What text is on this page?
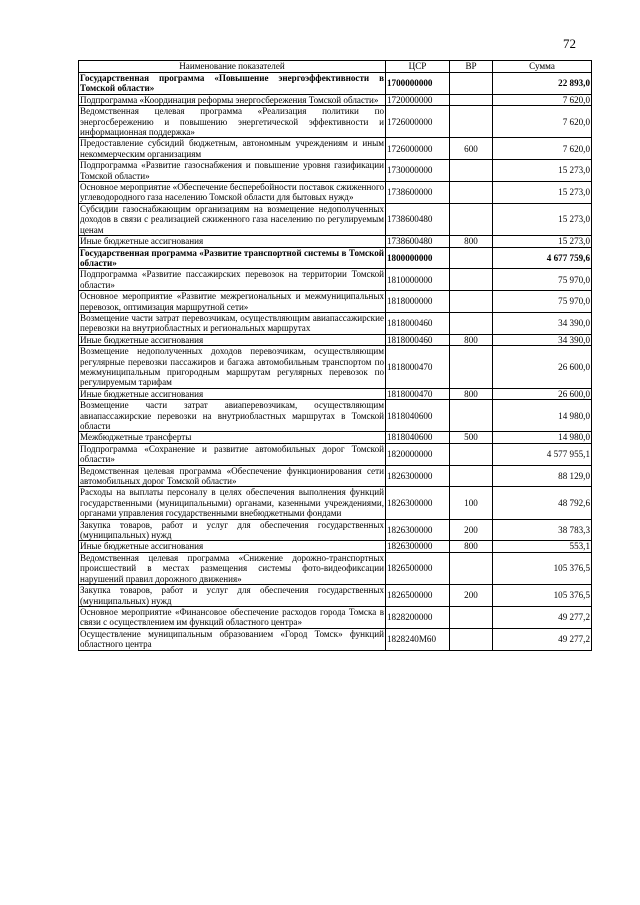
72
Наименование показателей	ЦСР	ВР	Сумма
Государственная программа «Повышение энергоэффективности в Томской области»	1700000000		22 893,0
Подпрограмма «Координация реформы энергосбережения Томской области»	1720000000		7 620,0
Ведомственная целевая программа «Реализация политики по энергосбережению и повышению энергетической эффективности и информационная поддержка»	1726000000		7 620,0
Предоставление субсидий бюджетным, автономным учреждениям и иным некоммерческим организациям	1726000000	600	7 620,0
Подпрограмма «Развитие газоснабжения и повышение уровня газификации Томской области»	1730000000		15 273,0
Основное мероприятие «Обеспечение бесперебойности поставок сжиженного углеводородного газа населению Томской области для бытовых нужд»	1738600000		15 273,0
Субсидии газоснабжающим организациям на возмещение недополученных доходов в связи с реализацией сжиженного газа населению по регулируемым ценам	1738600480		15 273,0
Иные бюджетные ассигнования	1738600480	800	15 273,0
Государственная программа «Развитие транспортной системы в Томской области»	1800000000		4 677 759,6
Подпрограмма «Развитие пассажирских перевозок на территории Томской области»	1810000000		75 970,0
Основное мероприятие «Развитие межрегиональных и межмуниципальных перевозок, оптимизация маршрутной сети»	1818000000		75 970,0
Возмещение части затрат перевозчикам, осуществляющим авиапассажирские перевозки на внутриобластных и региональных маршрутах	1818000460		34 390,0
Иные бюджетные ассигнования	1818000460	800	34 390,0
Возмещение недополученных доходов перевозчикам, осуществляющим регулярные перевозки пассажиров и багажа автомобильным транспортом по межмуниципальным пригородным маршрутам регулярных перевозок по регулируемым тарифам	1818000470		26 600,0
Иные бюджетные ассигнования	1818000470	800	26 600,0
Возмещение части затрат авиаперевозчикам, осуществляющим авиапассажирские перевозки на внутриобластных маршрутах в Томской области	1818040600		14 980,0
Межбюджетные трансферты	1818040600	500	14 980,0
Подпрограмма «Сохранение и развитие автомобильных дорог Томской области»	1820000000		4 577 955,1
Ведомственная целевая программа «Обеспечение функционирования сети автомобильных дорог Томской области»	1826300000		88 129,0
Расходы на выплаты персоналу в целях обеспечения выполнения функций государственными (муниципальными) органами, казенными учреждениями, органами управления государственными внебюджетными фондами	1826300000	100	48 792,6
Закупка товаров, работ и услуг для обеспечения государственных (муниципальных) нужд	1826300000	200	38 783,3
Иные бюджетные ассигнования	1826300000	800	553,1
Ведомственная целевая программа «Снижение дорожно-транспортных происшествий в местах размещения системы фото-видеофиксации нарушений правил дорожного движения»	1826500000		105 376,5
Закупка товаров, работ и услуг для обеспечения государственных (муниципальных) нужд	1826500000	200	105 376,5
Основное мероприятие «Финансовое обеспечение расходов города Томска в связи с осуществлением им функций областного центра»	1828200000		49 277,2
Осуществление муниципальным образованием «Город Томск» функций областного центра	1828240M60		49 277,2
